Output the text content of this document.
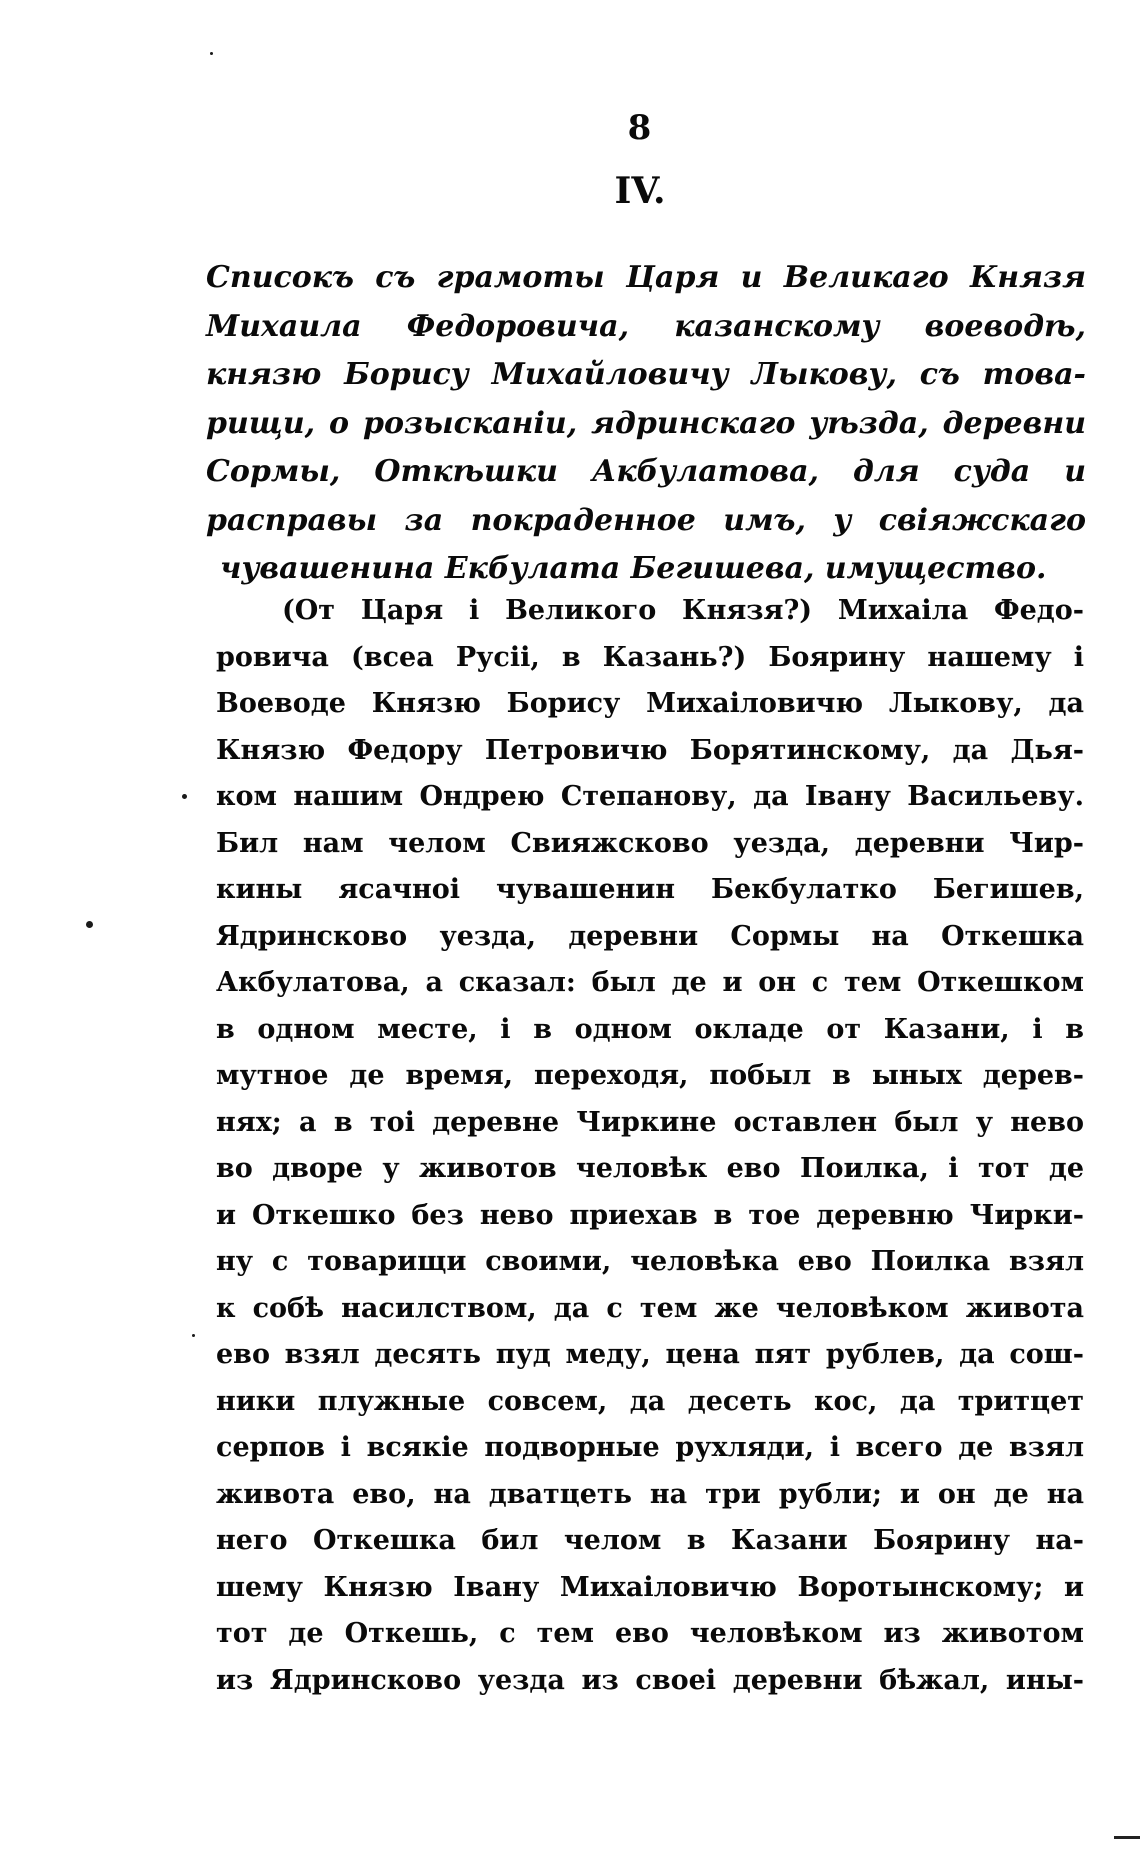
8
IV.
Списокъ съ грамоты Царя и Великаго Князя
Михаила Федоровича, казанскому воеводѣ,
князю Борису Михайловичу Лыкову, съ това-
рищи, о розысканіи, ядринскаго уѣзда, деревни
Сормы, Откѣшки Акбулатова, для суда и
расправы за покраденное имъ, у свіяжскаго
чувашенина Екбулата Бегишева, имущество.
(От Царя і Великого Князя?) Михаіла Федо-
ровича (всеа Русіі, в Казань?) Боярину нашему і
Воеводе Князю Борису Михаіловичю Лыкову, да
Князю Федору Петровичю Борятинскому, да Дья-
ком нашим Ондрею Степанову, да Івану Васильеву.
Бил нам челом Свияжсково уезда, деревни Чир-
кины ясачноі чувашенин Бекбулатко Бегишев,
Ядринсково уезда, деревни Сормы на Откешка
Акбулатова, а сказал: был де и он с тем Откешком
в одном месте, і в одном окладе от Казани, і в
мутное де время, переходя, побыл в ыных дерев-
нях; а в тоі деревне Чиркине оставлен был у нево
во дворе у животов человѣк ево Поилка, і тот де
и Откешко без нево приехав в тое деревню Чирки-
ну с товарищи своими, человѣка ево Поилка взял
к собѣ насилством, да с тем же человѣком живота
ево взял десять пуд меду, цена пят рублев, да сош-
ники плужные совсем, да десеть кос, да тритцет
серпов і всякіе подворные рухляди, і всего де взял
живота ево, на дватцеть на три рубли; и он де на
него Откешка бил челом в Казани Боярину на-
шему Князю Івану Михаіловичю Воротынскому; и
тот де Откешь, с тем ево человѣком из животом
из Ядринсково уезда из своеі деревни бѣжал, ины-
